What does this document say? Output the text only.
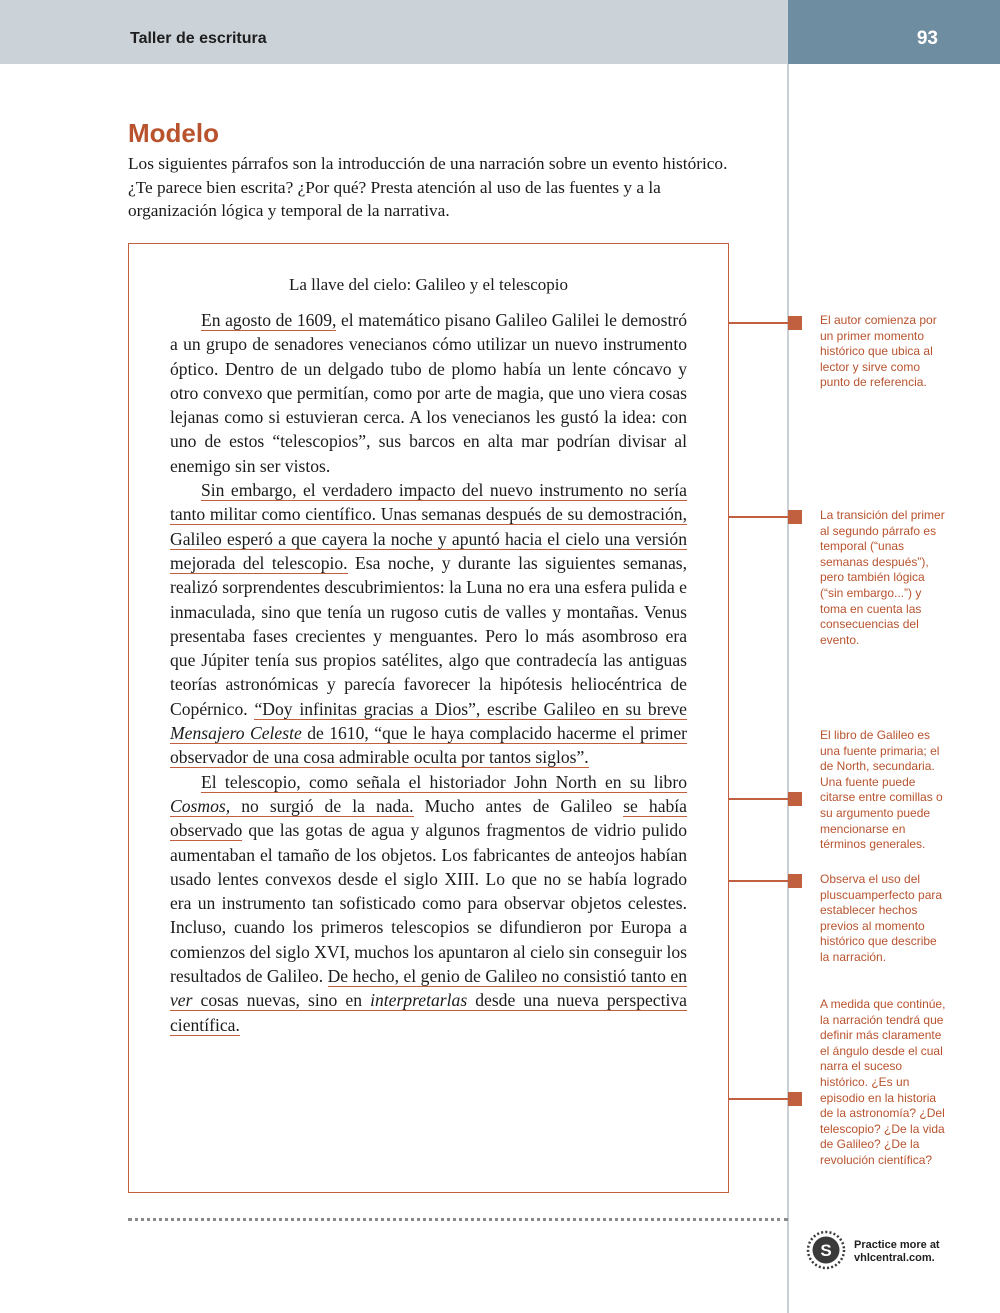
Taller de escritura	93
Modelo
Los siguientes párrafos son la introducción de una narración sobre un evento histórico. ¿Te parece bien escrita? ¿Por qué? Presta atención al uso de las fuentes y a la organización lógica y temporal de la narrativa.
La llave del cielo: Galileo y el telescopio

En agosto de 1609, el matemático pisano Galileo Galilei le demostró a un grupo de senadores venecianos cómo utilizar un nuevo instrumento óptico. Dentro de un delgado tubo de plomo había un lente cóncavo y otro convexo que permitían, como por arte de magia, que uno viera cosas lejanas como si estuvieran cerca. A los venecianos les gustó la idea: con uno de estos “telescopios”, sus barcos en alta mar podrían divisar al enemigo sin ser vistos.

Sin embargo, el verdadero impacto del nuevo instrumento no sería tanto militar como científico. Unas semanas después de su demostración, Galileo esperó a que cayera la noche y apuntó hacia el cielo una versión mejorada del telescopio. Esa noche, y durante las siguientes semanas, realizó sorprendentes descubrimientos: la Luna no era una esfera pulida e inmaculada, sino que tenía un rugoso cutis de valles y montañas. Venus presentaba fases crecientes y menguantes. Pero lo más asombroso era que Júpiter tenía sus propios satélites, algo que contradecía las antiguas teorías astronómicas y parecía favorecer la hipótesis heliocéntrica de Copérnico. “Doy infinitas gracias a Dios”, escribe Galileo en su breve Mensajero Celeste de 1610, “que le haya complacido hacerme el primer observador de una cosa admirable oculta por tantos siglos”.

El telescopio, como señala el historiador John North en su libro Cosmos, no surgió de la nada. Mucho antes de Galileo se había observado que las gotas de agua y algunos fragmentos de vidrio pulido aumentaban el tamaño de los objetos. Los fabricantes de anteojos habían usado lentes convexos desde el siglo XIII. Lo que no se había logrado era un instrumento tan sofisticado como para observar objetos celestes. Incluso, cuando los primeros telescopios se difundieron por Europa a comienzos del siglo XVI, muchos los apuntaron al cielo sin conseguir los resultados de Galileo. De hecho, el genio de Galileo no consistió tanto en ver cosas nuevas, sino en interpretarlas desde una nueva perspectiva científica.

El autor comienza por un primer momento histórico que ubica al lector y sirve como punto de referencia.
La transición del primer al segundo párrafo es temporal (“unas semanas después”), pero también lógica (“sin embargo...”) y toma en cuenta las consecuencias del evento.
El libro de Galileo es una fuente primaria; el de North, secundaria. Una fuente puede citarse entre comillas o su argumento puede mencionarse en términos generales.
Observa el uso del pluscuamperfecto para establecer hechos previos al momento histórico que describe la narración.
A medida que continúe, la narración tendrá que definir más claramente el ángulo desde el cual narra el suceso histórico. ¿Es un episodio en la historia de la astronomía? ¿Del telescopio? ¿De la vida de Galileo? ¿De la revolución científica?
S Practice more at
vhlcentral.com.
